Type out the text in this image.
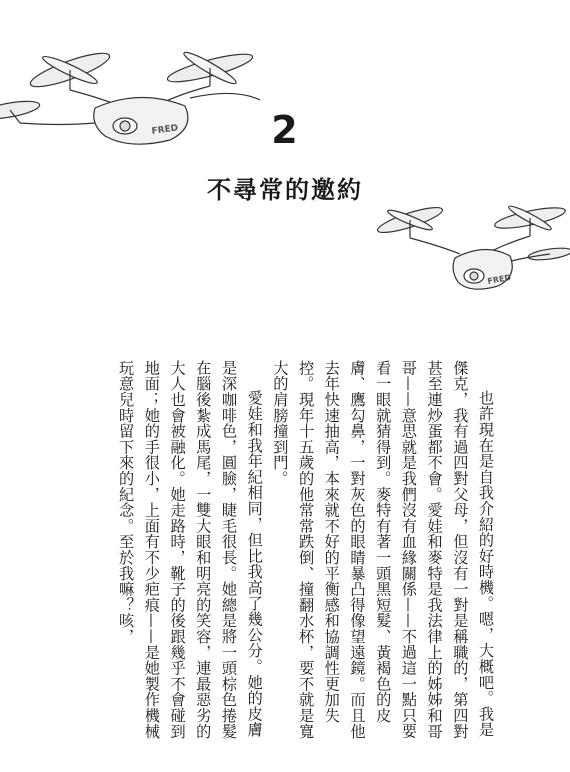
FRED	2
不尋常的邀約
FRED

也許現在是自我介紹的好時機。嗯，大概吧。我是傑克，我有過四對父母，但沒有一對是稱職的，第四對甚至連炒蛋都不會。愛娃和麥特是我法律上的姊姊和哥哥——意思就是我們沒有血緣關係——不過這一點只要看一眼就猜得到。麥特有著一頭黑短髮、黃褐色的皮膚、鷹勾鼻，一對灰色的眼睛暴凸得像望遠鏡。而且他去年快速抽高，本來就不好的平衡感和協調性更加失控。現年十五歲的他常常跌倒、撞翻水杯，要不就是寬大的肩膀撞到門。

愛娃和我年紀相同，但比我高了幾公分。她的皮膚是深咖啡色，圓臉，睫毛很長。她總是將一頭棕色捲髮在腦後紮成馬尾，一雙大眼和明亮的笑容，連最惡劣的大人也會被融化。她走路時，靴子的後跟幾乎不會碰到地面；她的手很小，上面有不少疤痕——是她製作機械玩意兒時留下來的紀念。至於我嘛？咳，
